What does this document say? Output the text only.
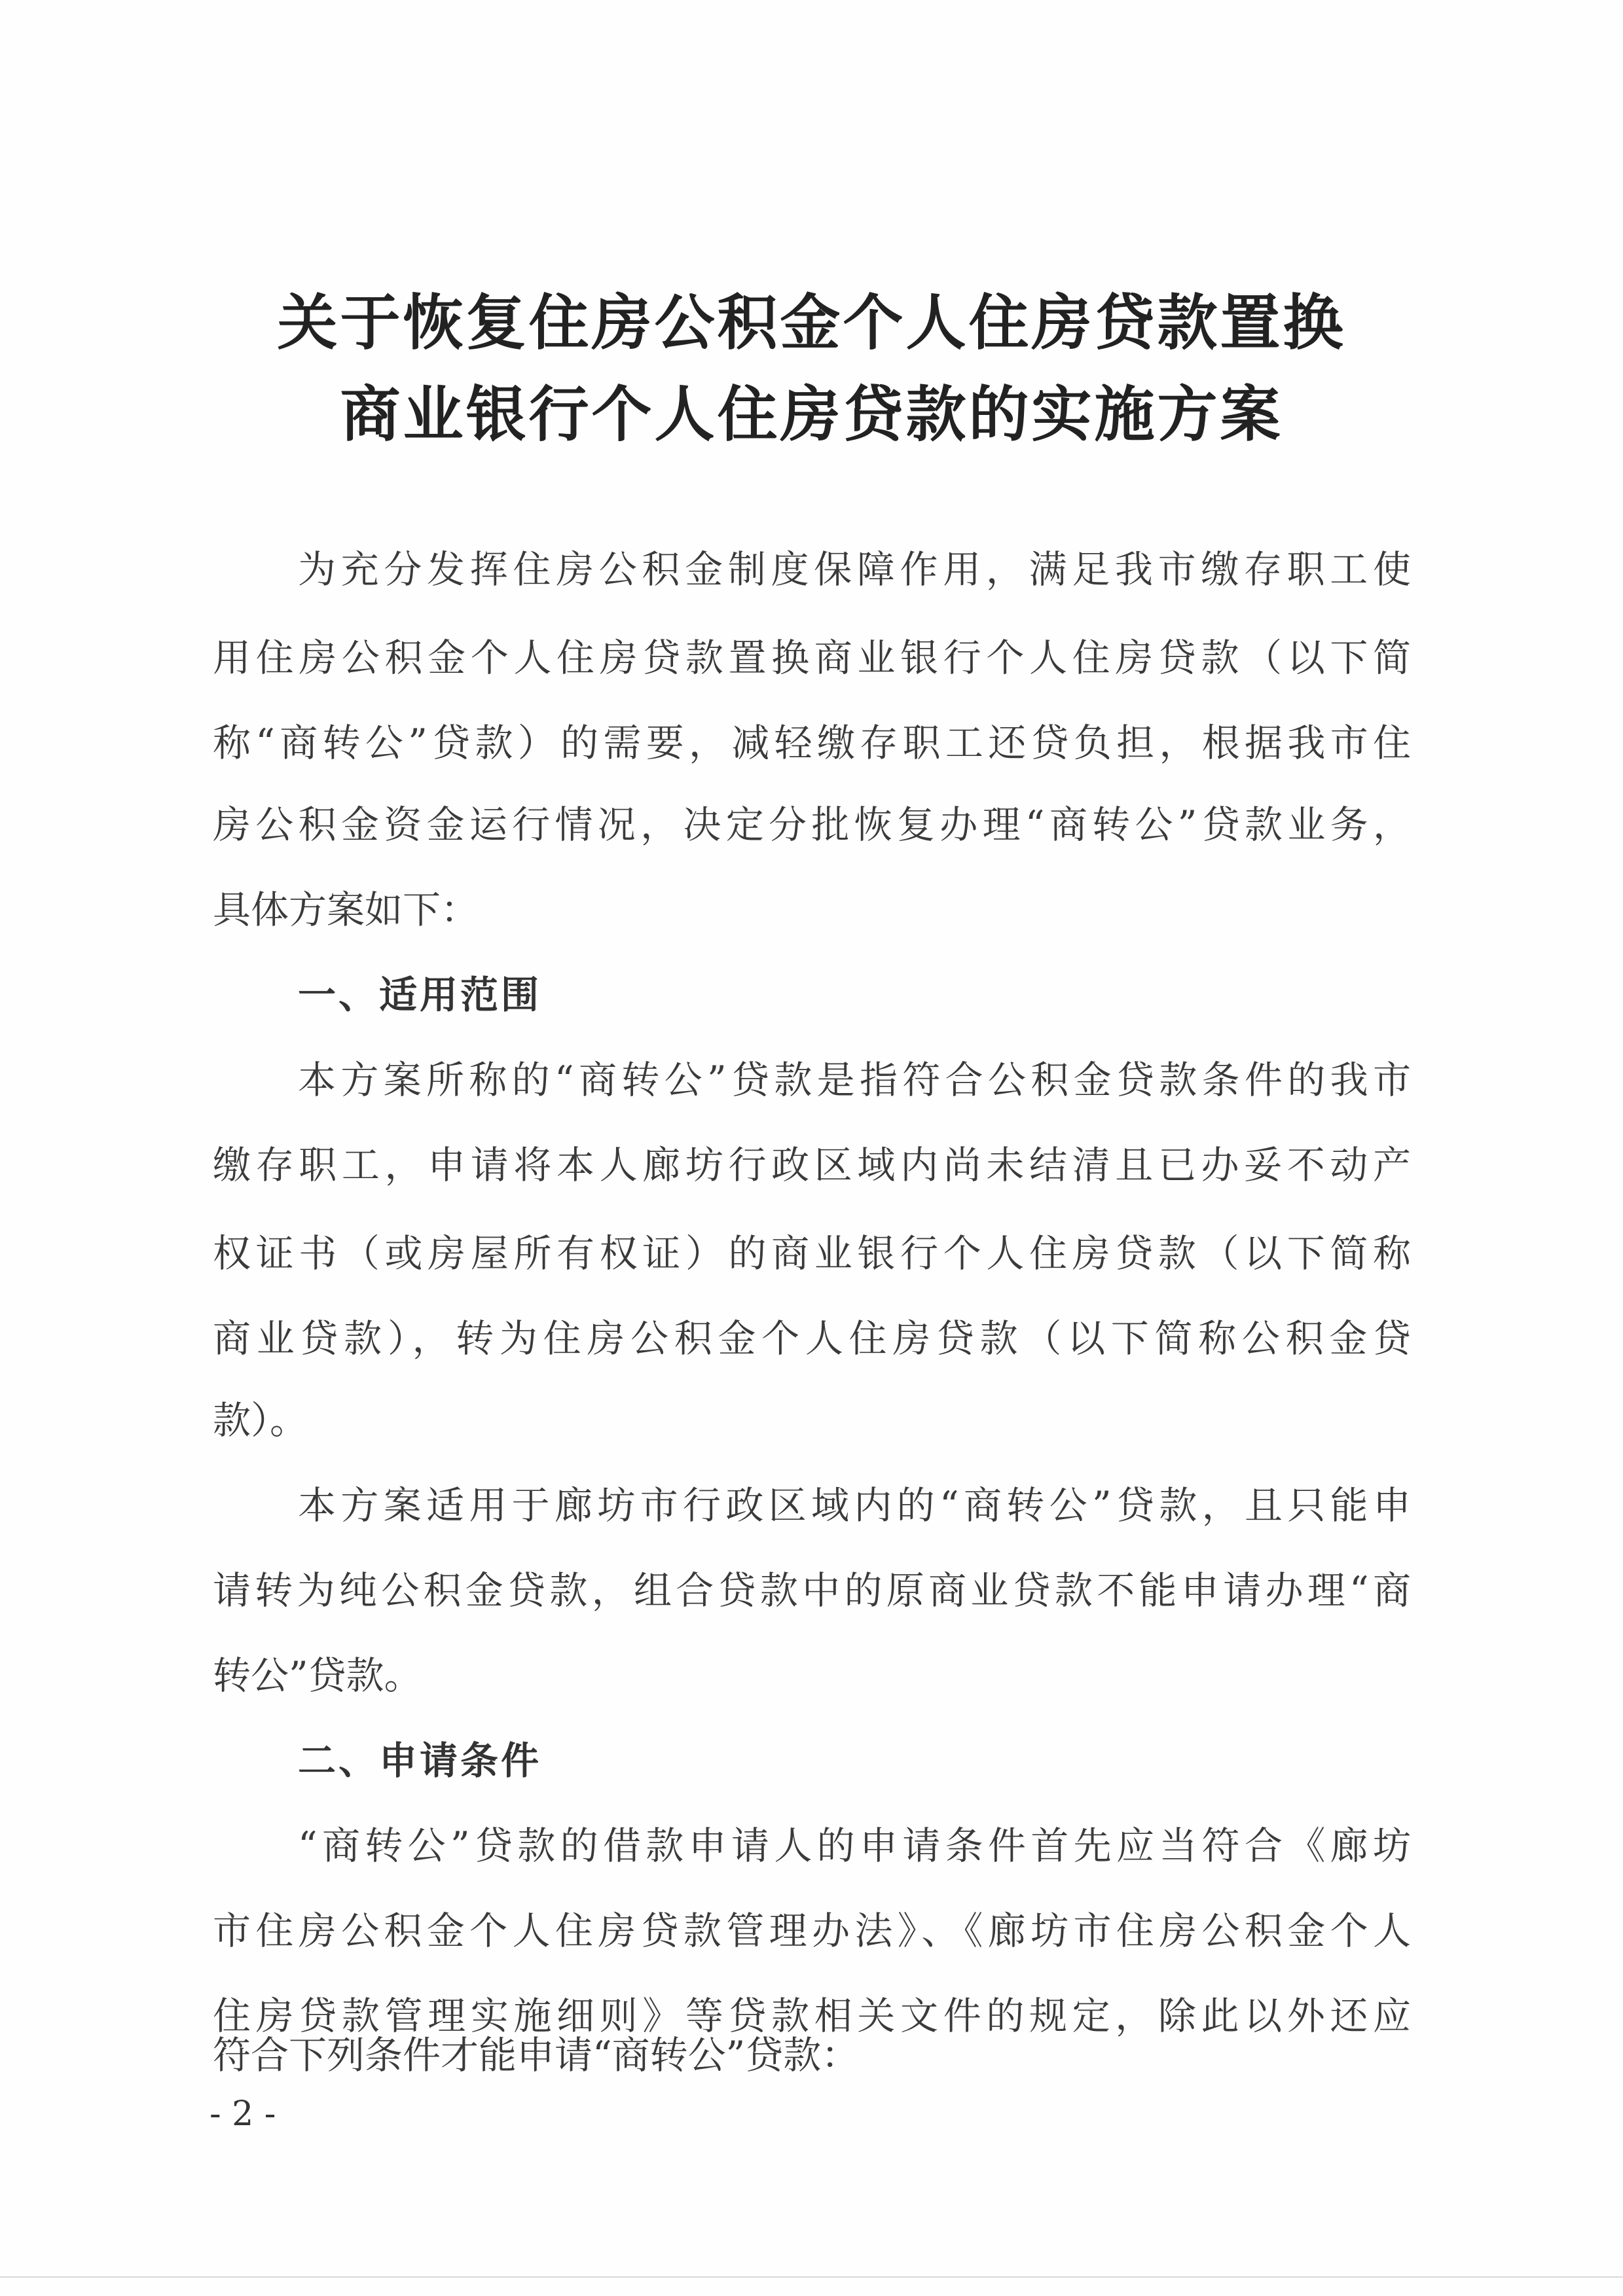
关于恢复住房公积金个人住房贷款置换
商业银行个人住房贷款的实施方案
为充分发挥住房公积金制度保障作用，满足我市缴存职工使
用住房公积金个人住房贷款置换商业银行个人住房贷款（以下简
称“商转公”贷款）的需要，减轻缴存职工还贷负担，根据我市住
房公积金资金运行情况，决定分批恢复办理“商转公”贷款业务，
具体方案如下：
一、适用范围
本方案所称的“商转公”贷款是指符合公积金贷款条件的我市
缴存职工，申请将本人廊坊行政区域内尚未结清且已办妥不动产
权证书（或房屋所有权证）的商业银行个人住房贷款（以下简称
商业贷款），转为住房公积金个人住房贷款（以下简称公积金贷
款）。
本方案适用于廊坊市行政区域内的“商转公”贷款，且只能申
请转为纯公积金贷款，组合贷款中的原商业贷款不能申请办理“商
转公”贷款。
二、申请条件
“商转公”贷款的借款申请人的申请条件首先应当符合《廊坊
市住房公积金个人住房贷款管理办法》、《廊坊市住房公积金个人
住房贷款管理实施细则》等贷款相关文件的规定，除此以外还应
- 2 -
符合下列条件才能申请“商转公”贷款：
